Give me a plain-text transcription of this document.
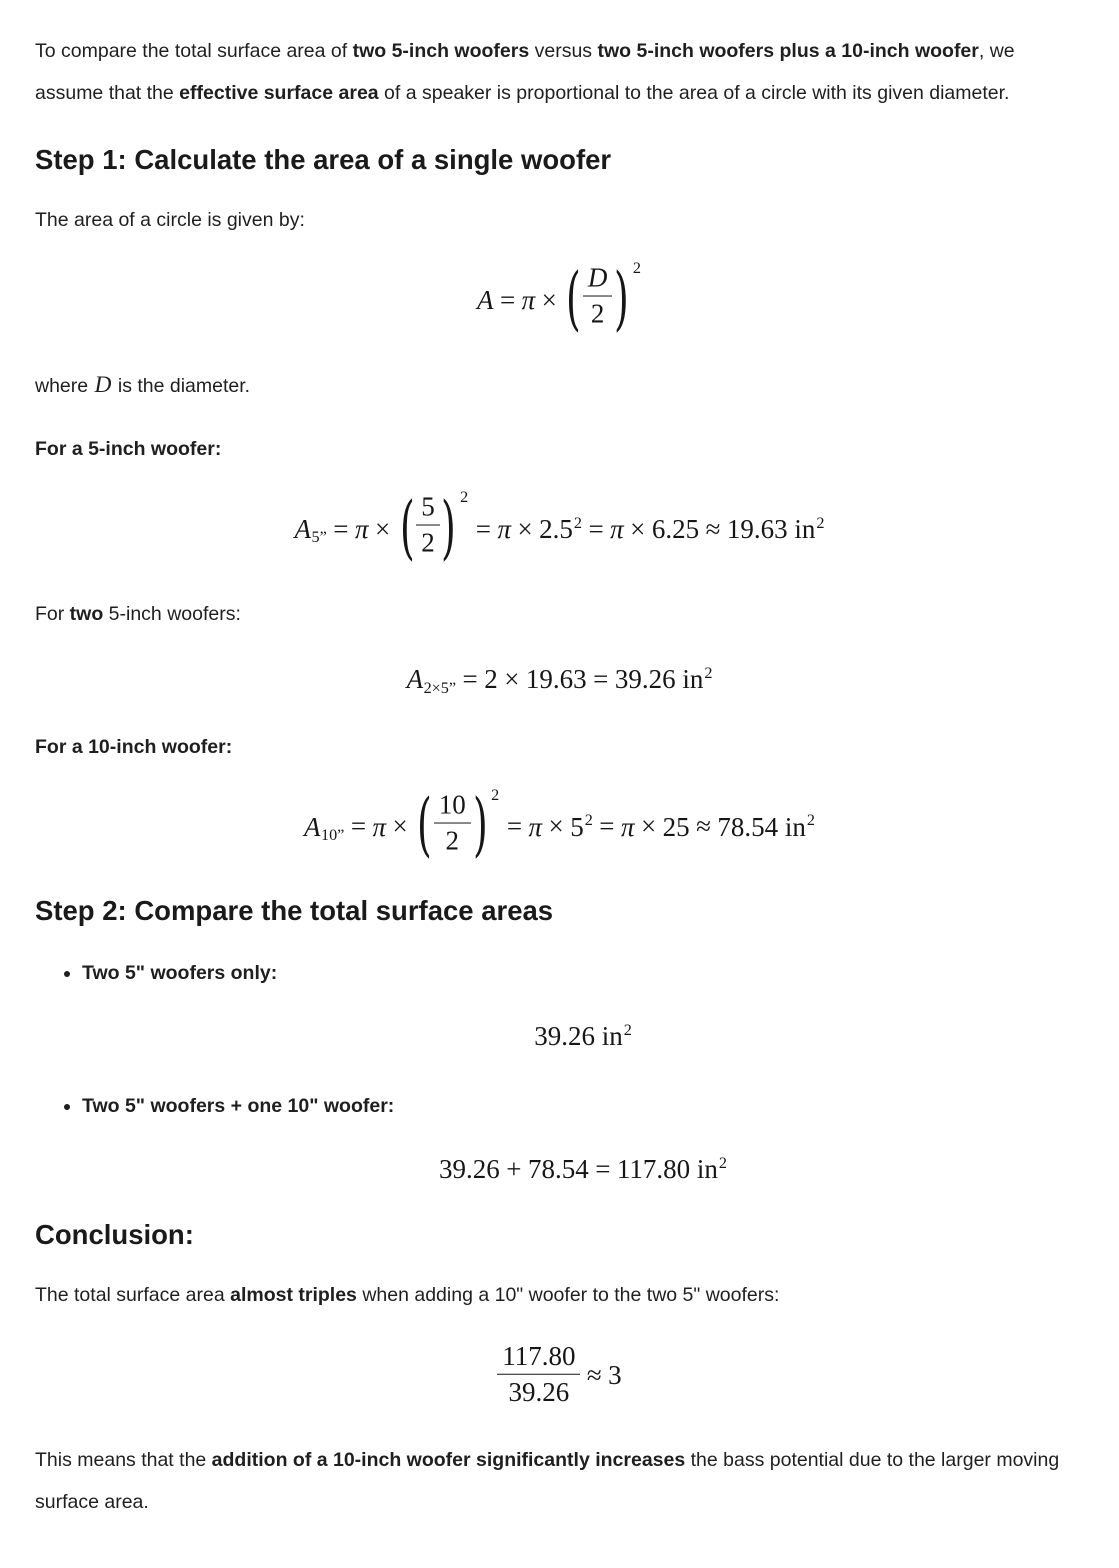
To compare the total surface area of two 5-inch woofers versus two 5-inch woofers plus a 10-inch woofer, we assume that the effective surface area of a speaker is proportional to the area of a circle with its given diameter.

Step 1: Calculate the area of a single woofer

The area of a circle is given by:

A = π × ( D
2 ) 2

where D is the diameter.

For a 5-inch woofer:

A5” = π × ( 5
2 ) 2
= $\pi \times 2.5^2 = \pi \times 6.25 \approx 19.63$ $in^2$

For two 5-inch woofers:

A2×5” = 2 × 19.63 = 39.26 $in^2$

For a 10-inch woofer:

A10” = π × ( 10
2 ) 2
= $\pi \times 5^2 = \pi \times 25 \approx 78.54$ $in^2$
Step 2: Compare the total surface areas

• Two 5" woofers only:

39.26 $in^2$

• Two 5" woofers + one 10" woofer:

39.26 + 78.54 = 117.80 $in^2$
Conclusion:

The total surface area almost triples when adding a 10" woofer to the two 5" woofers:

$\frac{117.80}{39.26} \approx 3$

This means that the addition of a 10-inch woofer significantly increases the bass potential due to the larger moving surface area.
